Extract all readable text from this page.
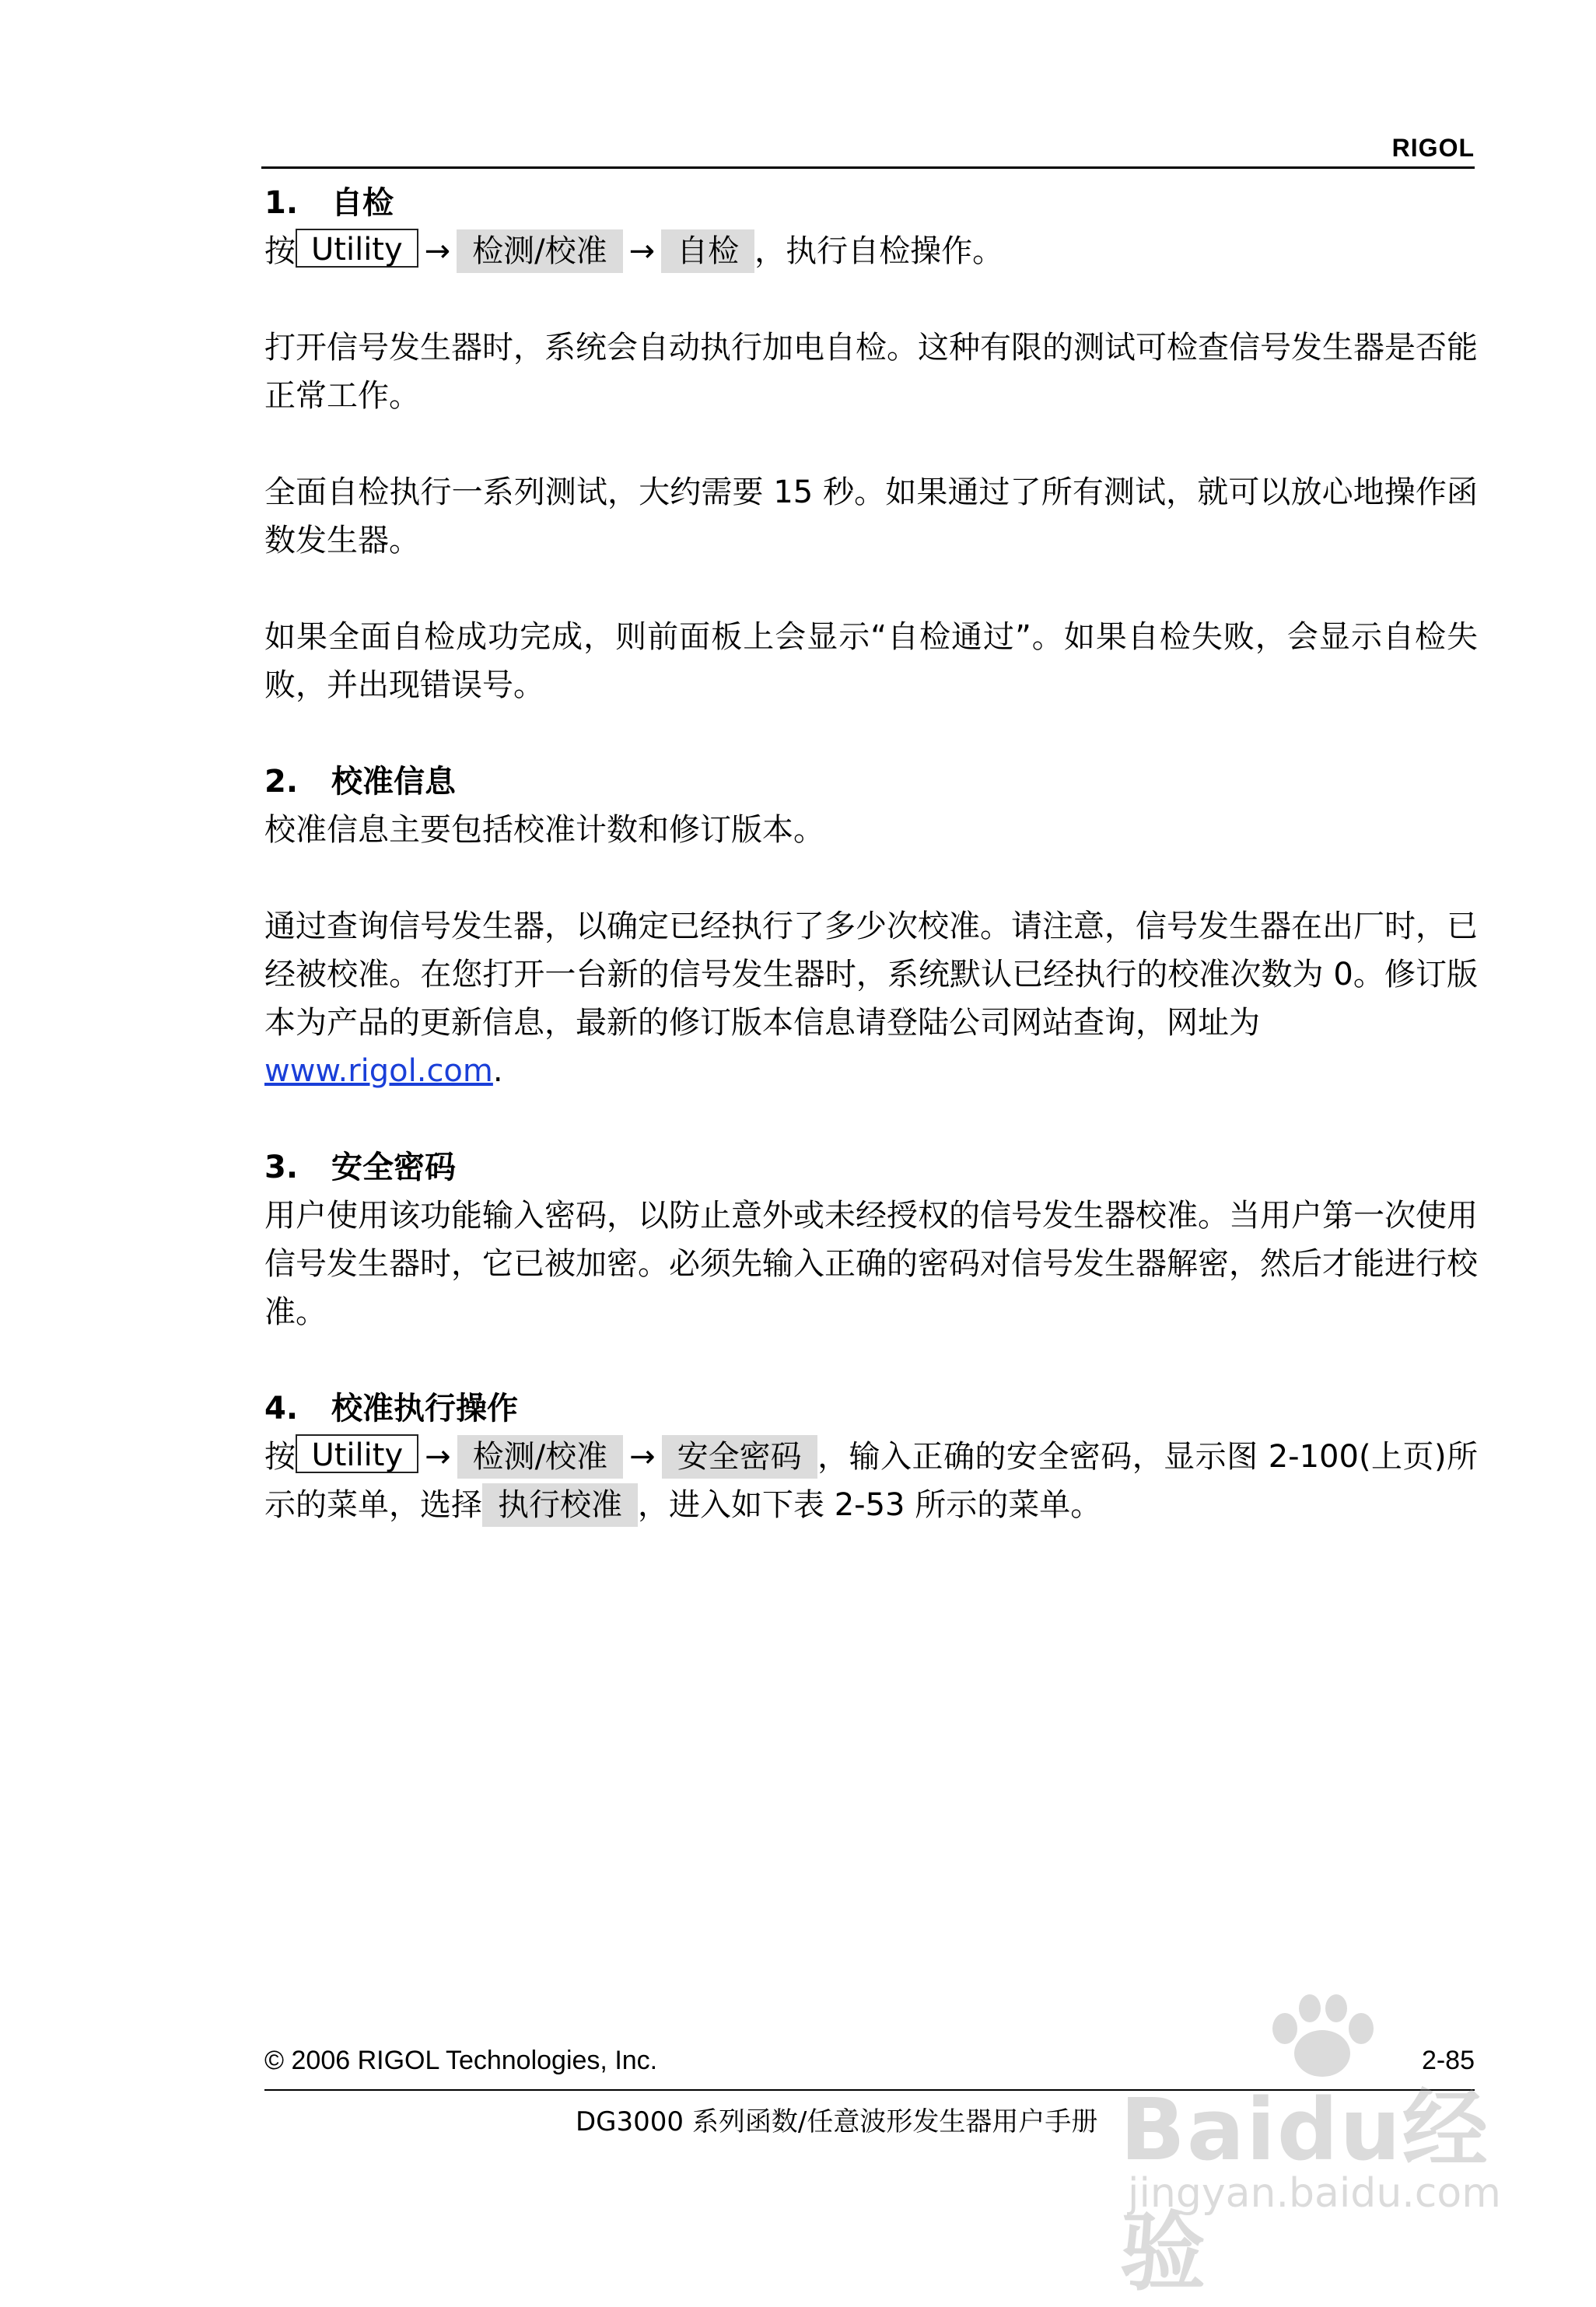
RIGOL
1. 自检

按 Utility → 检测/校准 → 自检 ，执行自检操作。

打开信号发生器时，系统会自动执行加电自检。这种有限的测试可检查信号发生器是否能正常工作。

全面自检执行一系列测试，大约需要 15 秒。如果通过了所有测试，就可以放心地操作函数发生器。

如果全面自检成功完成，则前面板上会显示“自检通过”。如果自检失败，会显示自检失败，并出现错误号。

2. 校准信息

校准信息主要包括校准计数和修订版本。

通过查询信号发生器，以确定已经执行了多少次校准。请注意，信号发生器在出厂时，已经被校准。在您打开一台新的信号发生器时，系统默认已经执行的校准次数为 0。修订版本为产品的更新信息，最新的修订版本信息请登陆公司网站查询，网址为
www.rigol.com.

3. 安全密码

用户使用该功能输入密码，以防止意外或未经授权的信号发生器校准。当用户第一次使用信号发生器时，它已被加密。必须先输入正确的密码对信号发生器解密，然后才能进行校准。

4. 校准执行操作

按 Utility → 检测/校准 → 安全密码 ，输入正确的安全密码，显示图 2-100(上页)所示的菜单，选择 执行校准 ，进入如下表 2-53 所示的菜单。

© 2006 RIGOL Technologies, Inc.	2-85
DG3000 系列函数/任意波形发生器用户手册 Baidu经验
jingyan.baidu.com
